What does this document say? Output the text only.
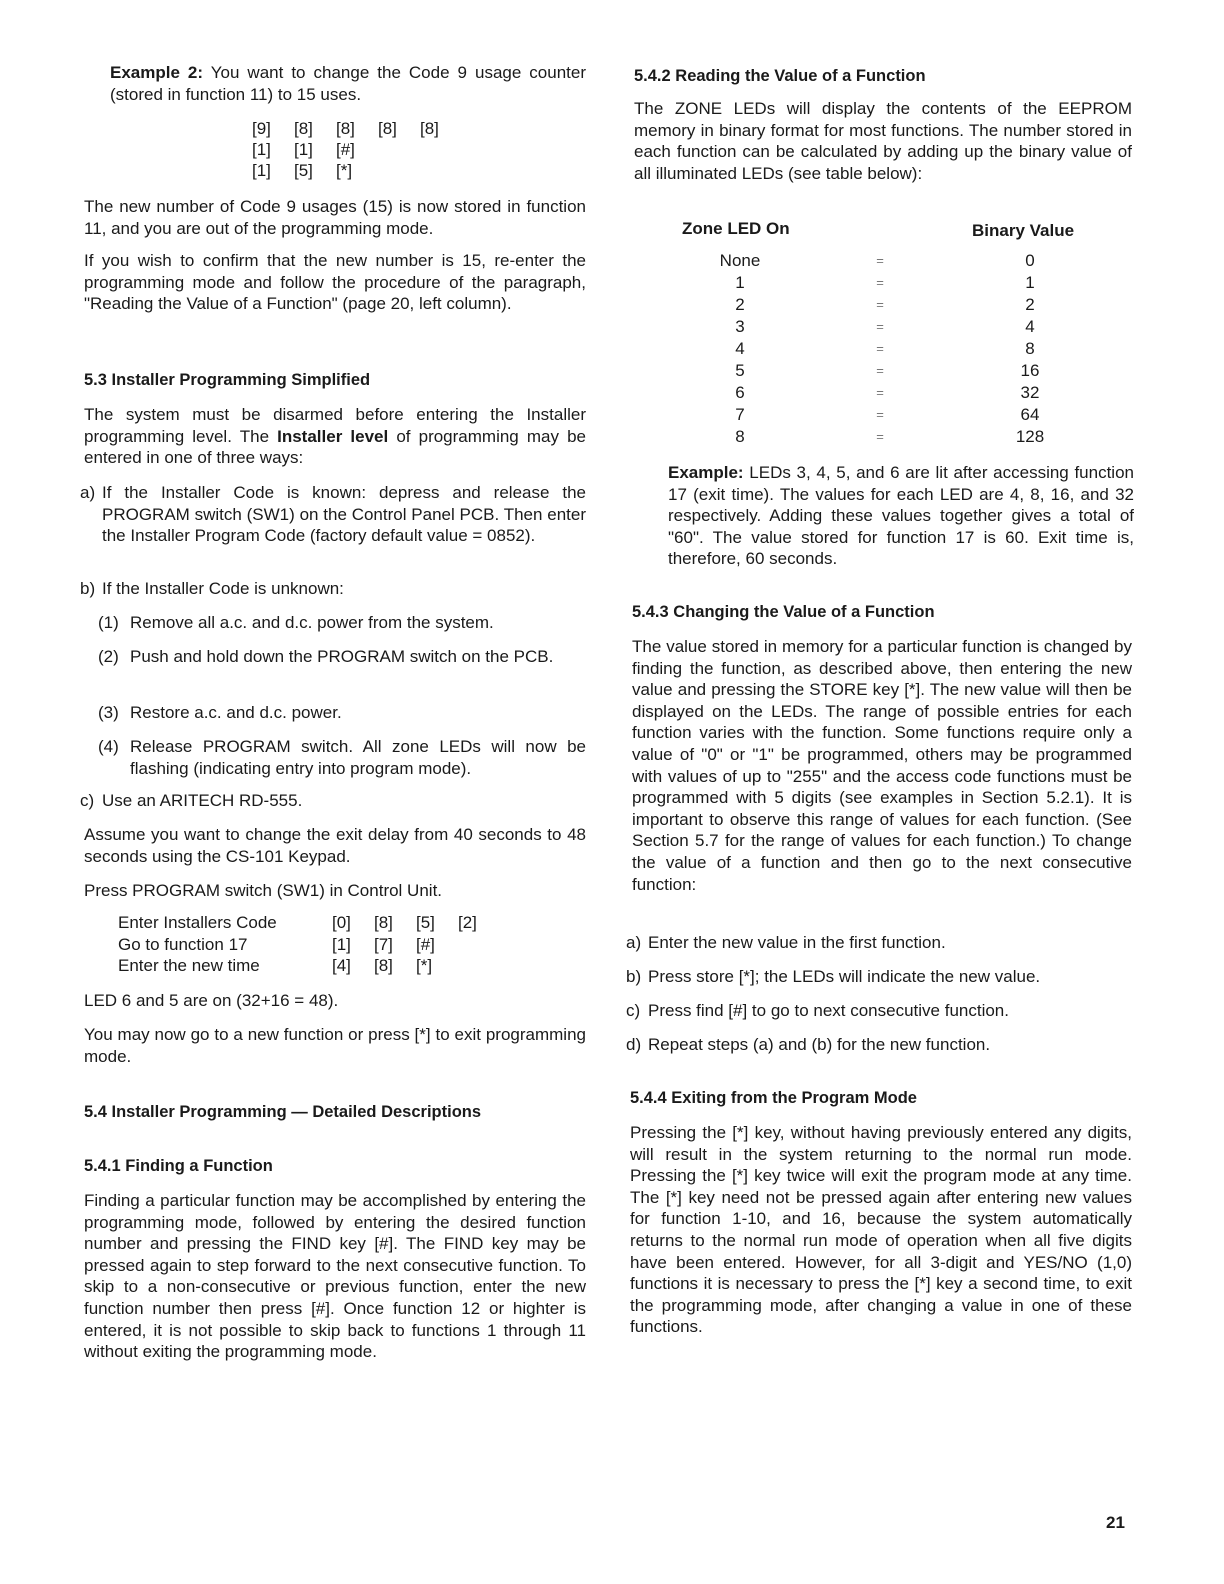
Example 2: You want to change the Code 9 usage counter (stored in function 11) to 15 uses.

[9]	[8]	[8]	[8]	[8]
[1]	[1]	[#]
[1]	[5]	[*]

The new number of Code 9 usages (15) is now stored in function 11, and you are out of the programming mode.

If you wish to confirm that the new number is 15, re-enter the programming mode and follow the procedure of the paragraph, "Reading the Value of a Function" (page 20, left column).

5.3 Installer Programming Simplified

The system must be disarmed before entering the Installer programming level. The Installer level of programming may be entered in one of three ways:

a) If the Installer Code is known: depress and release the PROGRAM switch (SW1) on the Control Panel PCB. Then enter the Installer Program Code (factory default value = 0852).
b) If the Installer Code is unknown:
(1) Remove all a.c. and d.c. power from the system.
(2) Push and hold down the PROGRAM switch on the PCB.
(3) Restore a.c. and d.c. power.
(4) Release PROGRAM switch. All zone LEDs will now be flashing (indicating entry into program mode).
c) Use an ARITECH RD-555.

Assume you want to change the exit delay from 40 seconds to 48 seconds using the CS-101 Keypad.

Press PROGRAM switch (SW1) in Control Unit.

Enter Installers Code	[0]	[8]	[5]	[2]
Go to function 17	[1]	[7]	[#]
Enter the new time	[4]	[8]	[*]

LED 6 and 5 are on (32+16 = 48).

You may now go to a new function or press [*] to exit programming mode.

5.4 Installer Programming — Detailed Descriptions

5.4.1 Finding a Function

Finding a particular function may be accomplished by entering the programming mode, followed by entering the desired function number and pressing the FIND key [#]. The FIND key may be pressed again to step forward to the next consecutive function. To skip to a non-consecutive or previous function, enter the new function number then press [#]. Once function 12 or highter is entered, it is not possible to skip back to functions 1 through 11 without exiting the programming mode.

5.4.2 Reading the Value of a Function

The ZONE LEDs will display the contents of the EEPROM memory in binary format for most functions. The number stored in each function can be calculated by adding up the binary value of all illuminated LEDs (see table below):

Zone LED On	Binary Value
None	=	0
1	=	1
2	=	2
3	=	4
4	=	8
5	=	16
6	=	32
7	=	64
8	=	128

Example: LEDs 3, 4, 5, and 6 are lit after accessing function 17 (exit time). The values for each LED are 4, 8, 16, and 32 respectively. Adding these values together gives a total of "60". The value stored for function 17 is 60. Exit time is, therefore, 60 seconds.

5.4.3 Changing the Value of a Function

The value stored in memory for a particular function is changed by finding the function, as described above, then entering the new value and pressing the STORE key [*]. The new value will then be displayed on the LEDs. The range of possible entries for each function varies with the function. Some functions require only a value of "0" or "1" be programmed, others may be programmed with values of up to "255" and the access code functions must be programmed with 5 digits (see examples in Section 5.2.1). It is important to observe this range of values for each function. (See Section 5.7 for the range of values for each function.) To change the value of a function and then go to the next consecutive function:

a) Enter the new value in the first function.
b) Press store [*]; the LEDs will indicate the new value.
c) Press find [#] to go to next consecutive function.
d) Repeat steps (a) and (b) for the new function.

5.4.4 Exiting from the Program Mode

Pressing the [*] key, without having previously entered any digits, will result in the system returning to the normal run mode. Pressing the [*] key twice will exit the program mode at any time. The [*] key need not be pressed again after entering new values for function 1-10, and 16, because the system automatically returns to the normal run mode of operation when all five digits have been entered. However, for all 3-digit and YES/NO (1,0) functions it is necessary to press the [*] key a second time, to exit the programming mode, after changing a value in one of these functions.

21
